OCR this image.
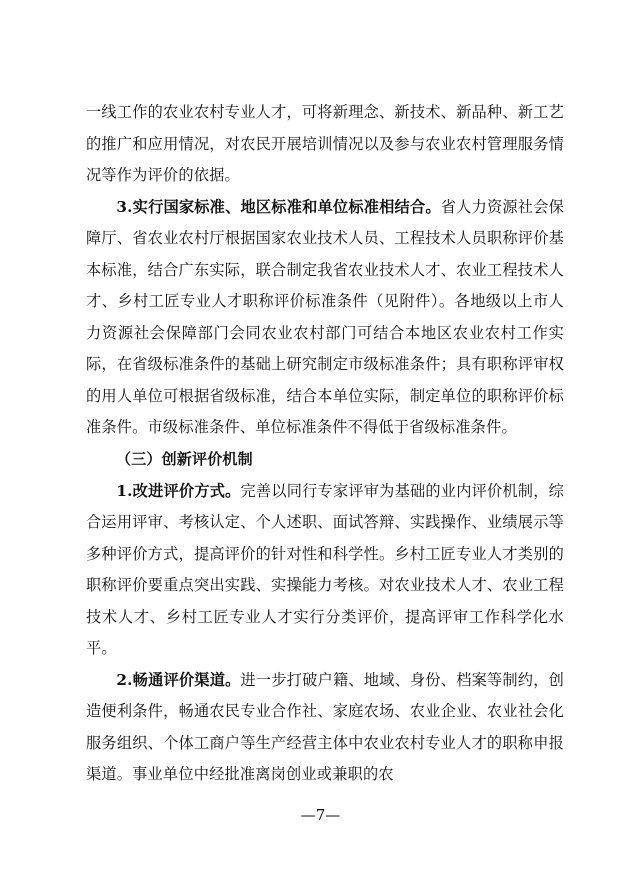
一线工作的农业农村专业人才，可将新理念、新技术、新品种、新工艺的推广和应用情况，对农民开展培训情况以及参与农业农村管理服务情况等作为评价的依据。

3.实行国家标准、地区标准和单位标准相结合。省人力资源社会保障厅、省农业农村厅根据国家农业技术人员、工程技术人员职称评价基本标准，结合广东实际，联合制定我省农业技术人才、农业工程技术人才、乡村工匠专业人才职称评价标准条件（见附件）。各地级以上市人力资源社会保障部门会同农业农村部门可结合本地区农业农村工作实际，在省级标准条件的基础上研究制定市级标准条件；具有职称评审权的用人单位可根据省级标准，结合本单位实际，制定单位的职称评价标准条件。市级标准条件、单位标准条件不得低于省级标准条件。

（三）创新评价机制

1.改进评价方式。完善以同行专家评审为基础的业内评价机制，综合运用评审、考核认定、个人述职、面试答辩、实践操作、业绩展示等多种评价方式，提高评价的针对性和科学性。乡村工匠专业人才类别的职称评价要重点突出实践、实操能力考核。对农业技术人才、农业工程技术人才、乡村工匠专业人才实行分类评价，提高评审工作科学化水平。

2.畅通评价渠道。进一步打破户籍、地域、身份、档案等制约，创造便利条件，畅通农民专业合作社、家庭农场、农业企业、农业社会化服务组织、个体工商户等生产经营主体中农业农村专业人才的职称申报渠道。事业单位中经批准离岗创业或兼职的农

—7—
